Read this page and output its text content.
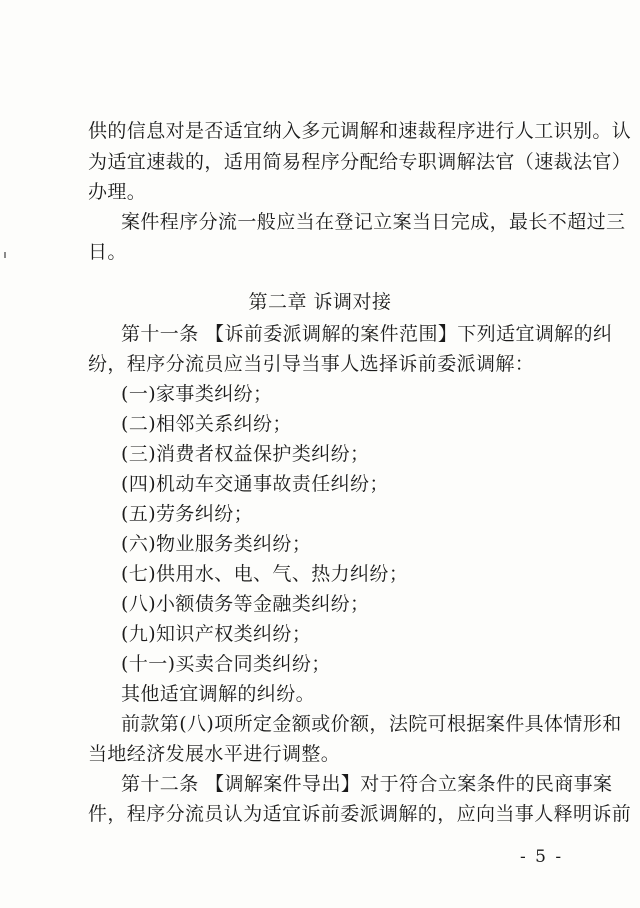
供的信息对是否适宜纳入多元调解和速裁程序进行人工识别。认
为适宜速裁的，适用简易程序分配给专职调解法官（速裁法官）
办理。
案件程序分流一般应当在登记立案当日完成，最长不超过三
日。
第二章 诉调对接
第十一条 【诉前委派调解的案件范围】下列适宜调解的纠
纷，程序分流员应当引导当事人选择诉前委派调解：
(一)家事类纠纷；
(二)相邻关系纠纷；
(三)消费者权益保护类纠纷；
(四)机动车交通事故责任纠纷；
(五)劳务纠纷；
(六)物业服务类纠纷；
(七)供用水、电、气、热力纠纷；
(八)小额债务等金融类纠纷；
(九)知识产权类纠纷；
(十一)买卖合同类纠纷；
其他适宜调解的纠纷。
前款第(八)项所定金额或价额，法院可根据案件具体情形和
当地经济发展水平进行调整。
第十二条 【调解案件导出】对于符合立案条件的民商事案
件，程序分流员认为适宜诉前委派调解的，应向当事人释明诉前
- 5 -
